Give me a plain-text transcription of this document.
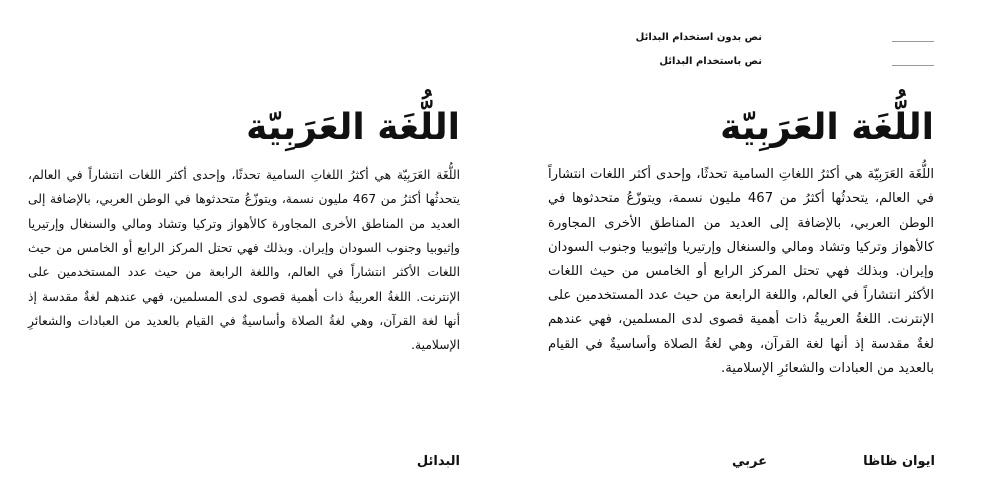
نص بدون استخدام البدائل
نص باستخدام البدائل
اللُّغَة العَرَبِيّة

اللُّغَة العَرَبِيّة هي أكثرُ اللغاتِ السامية تحدثًا، وإحدى أكثر اللغات انتشاراً في العالم، يتحدثُها أكثرُ من 467 مليون نسمة، ويتوزّعُ متحدثوها في الوطن العربي، بالإضافة إلى العديد من المناطق الأخرى المجاورة كالأهواز وتركيا وتشاد ومالي والسنغال وإرتيريا وإثيوبيا وجنوب السودان وإيران. وبذلك فهي تحتل المركز الرابع أو الخامس من حيث اللغات الأكثر انتشاراً في العالم، واللغة الرابعة من حيث عدد المستخدمين على الإنترنت. اللغةُ العربيةُ ذات أهمية قصوى لدى المسلمين، فهي عندهم لغةٌ مقدسة إذ أنها لغة القرآن، وهي لغةُ الصلاة وأساسيةٌ في القيام بالعديد من العبادات والشعائرِ الإسلامية.

اللُّغَة العَرَبِيّة

اللُّغَة العَرَبِيّة هي أكثرُ اللغاتِ السامية تحدثًا، وإحدى أكثر اللغات انتشاراً في العالم، يتحدثُها أكثرُ من 467 مليون نسمة، ويتوزّعُ متحدثوها في الوطن العربي، بالإضافة إلى العديد من المناطق الأخرى المجاورة كالأهواز وتركيا وتشاد ومالي والسنغال وإرتيريا وإثيوبيا وجنوب السودان وإيران. وبذلك فهي تحتل المركز الرابع أو الخامس من حيث اللغات الأكثر انتشاراً في العالم، واللغة الرابعة من حيث عدد المستخدمين على الإنترنت. اللغةُ العربيةُ ذات أهمية قصوى لدى المسلمين، فهي عندهم لغةٌ مقدسة إذ أنها لغة القرآن، وهي لغةُ الصلاة وأساسيةٌ في القيام بالعديد من العبادات والشعائرِ الإسلامية.

البدائل	عربي	ايوان ظاظا
